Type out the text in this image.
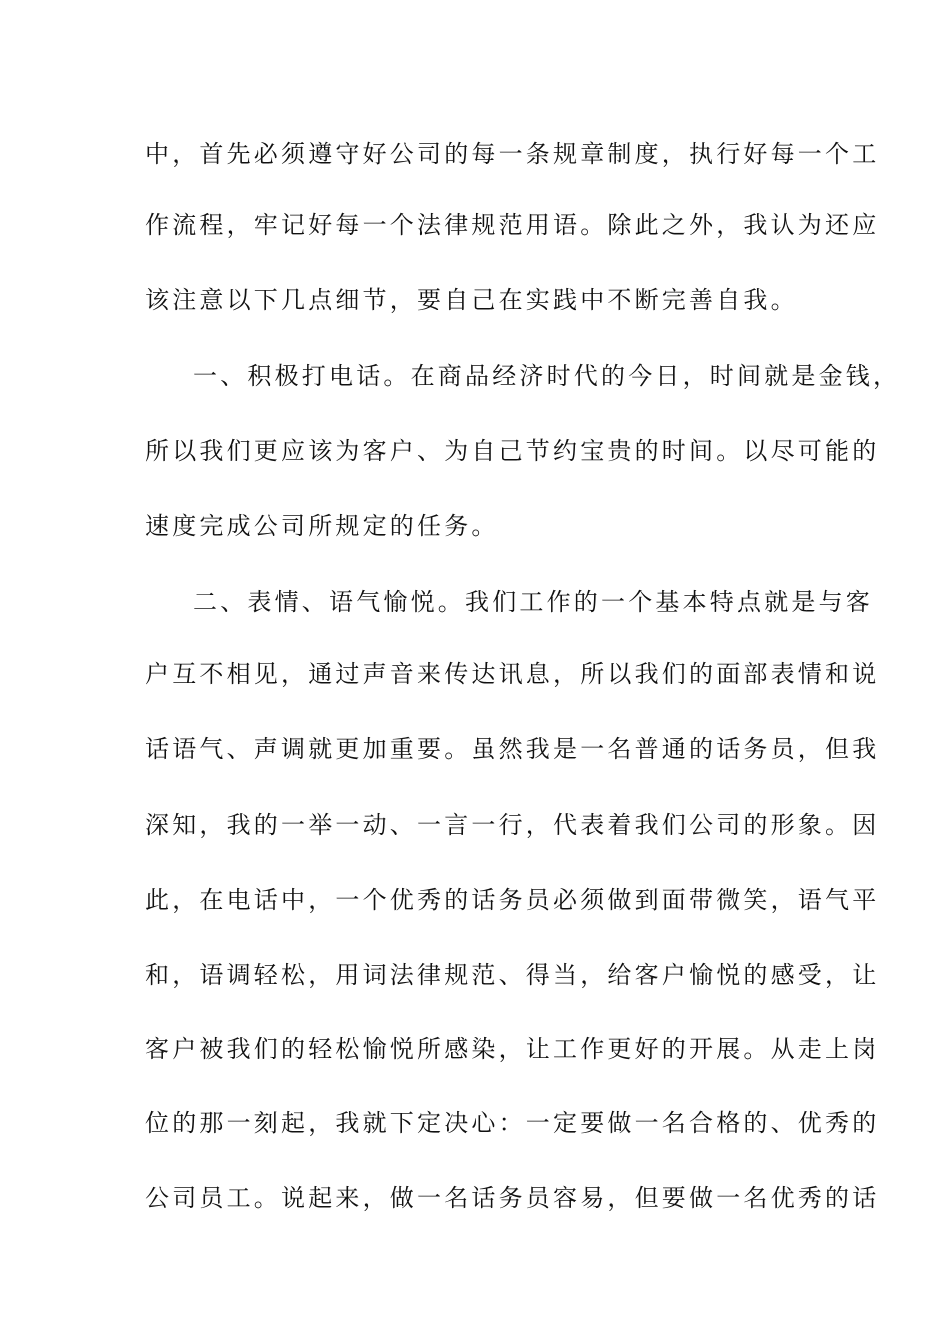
中，首先必须遵守好公司的每一条规章制度，执行好每一个工
作流程，牢记好每一个法律规范用语。除此之外，我认为还应
该注意以下几点细节，要自己在实践中不断完善自我。
一、积极打电话。在商品经济时代的今日，时间就是金钱，
所以我们更应该为客户、为自己节约宝贵的时间。以尽可能的
速度完成公司所规定的任务。
二、表情、语气愉悦。我们工作的一个基本特点就是与客
户互不相见，通过声音来传达讯息，所以我们的面部表情和说
话语气、声调就更加重要。虽然我是一名普通的话务员，但我
深知，我的一举一动、一言一行，代表着我们公司的形象。因
此，在电话中，一个优秀的话务员必须做到面带微笑，语气平
和，语调轻松，用词法律规范、得当，给客户愉悦的感受，让
客户被我们的轻松愉悦所感染，让工作更好的开展。从走上岗
位的那一刻起，我就下定决心：一定要做一名合格的、优秀的
公司员工。说起来，做一名话务员容易，但要做一名优秀的话
